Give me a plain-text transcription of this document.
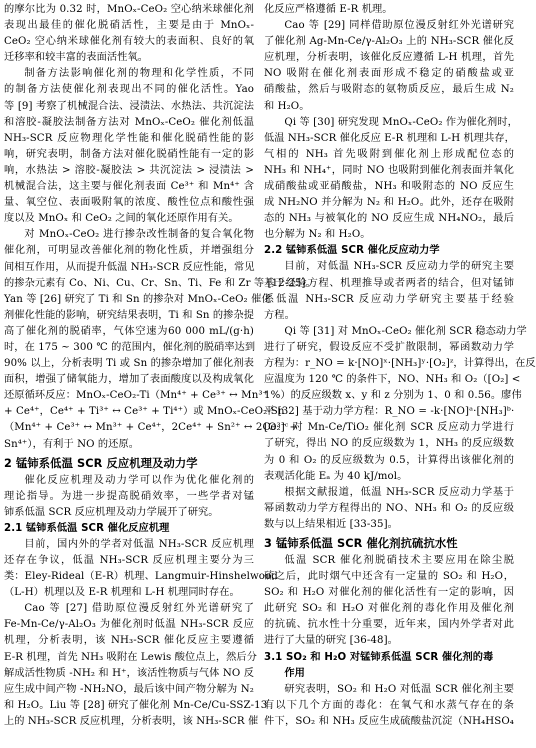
的摩尔比为 0.32 时，MnOₓ-CeO₂ 空心纳米球催化剂

表现出最佳的催化脱硝活性，主要是由于 MnOₓ-

CeO₂ 空心纳米球催化剂有较大的表面积、良好的氧

迁移率和较丰富的表面活性氧。

制备方法影响催化剂的物理和化学性质，不同

的制备方法使催化剂表现出不同的催化活性。Yao

等 [9] 考察了机械混合法、浸渍法、水热法、共沉淀法

和溶胶-凝胶法制备方法对 MnOₓ-CeO₂ 催化剂低温

NH₃-SCR 反应物理化学性能和催化脱硝性能的影

响，研究表明，制备方法对催化脱硝性能有一定的影

响，水热法 > 溶胶-凝胶法 > 共沉淀法 > 浸渍法 >

机械混合法，这主要与催化剂表面 Ce³⁺ 和 Mn⁴⁺ 含

量、氧空位、表面吸附氧的浓度、酸性位点和酸性强

度以及 MnOₓ 和 CeO₂ 之间的氧化还原作用有关。

对 MnOₓ-CeO₂ 进行掺杂改性制备的复合氧化物

催化剂，可明显改善催化剂的物化性质，并增强组分

间相互作用，从而提升低温 NH₃-SCR 反应性能，常见

的掺杂元素有 Co、Ni、Cu、Cr、Sn、Ti、Fe 和 Zr 等 [12-25]。

Yan 等 [26] 研究了 Ti 和 Sn 的掺杂对 MnOₓ-CeO₂ 催化

剂催化性能的影响，研究结果表明，Ti 和 Sn 的掺杂提

高了催化剂的脱硝率，气体空速为60 000 mL/(g·h)

时，在 175 ~ 300 ℃ 的范围内，催化剂的脱硝率达到

90% 以上，分析表明 Ti 或 Sn 的掺杂增加了催化剂表

面积，增强了储氧能力，增加了表面酸度以及构成氧化

还原循环反应：MnOₓ-CeO₂-Ti（Mn⁴⁺ + Ce³⁺ ↔ Mn³⁺

+ Ce⁴⁺，Ce⁴⁺ + Ti³⁺ ↔ Ce³⁺ + Ti⁴⁺）或 MnOₓ-CeO₂-Sn

（Mn⁴⁺ + Ce³⁺ ↔ Mn³⁺ + Ce⁴⁺，2Ce⁴⁺ + Sn²⁺ ↔ 2Ce³⁺ +

Sn⁴⁺），有利于 NO 的还原。

2 锰铈系低温 SCR 反应机理及动力学

催化反应机理及动力学可以作为优化催化剂的

理论指导。为进一步提高脱硝效率，一些学者对锰

铈系低温 SCR 反应机理及动力学展开了研究。

2.1 锰铈系低温 SCR 催化反应机理

目前，国内外的学者对低温 NH₃-SCR 反应机理

还存在争议，低温 NH₃-SCR 反应机理主要分为三

类：Eley-Rideal（E-R）机理、Langmuir-Hinshelwood

（L-H）机理以及 E-R 机理和 L-H 机理同时存在。

Cao 等 [27] 借助原位漫反射红外光谱研究了

Fe-Mn-Ce/γ-Al₂O₃ 为催化剂时低温 NH₃-SCR 反应

机理，分析表明，该 NH₃-SCR 催化反应主要遵循

E-R 机理，首先 NH₃ 吸附在 Lewis 酸位点上，然后分

解成活性物质 -NH₂ 和 H⁺，该活性物质与气体 NO 反

应生成中间产物 -NH₂NO，最后该中间产物分解为 N₂

和 H₂O。Liu 等 [28] 研究了催化剂 Mn-Ce/Cu-SSZ-13

上的 NH₃-SCR 反应机理，分析表明，该 NH₃-SCR 催

化反应严格遵循 E-R 机理。

Cao 等 [29] 同样借助原位漫反射红外光谱研究

了催化剂 Ag-Mn-Ce/γ-Al₂O₃ 上的 NH₃-SCR 催化反

应机理，分析表明，该催化反应遵循 L-H 机理，首先

NO 吸附在催化剂表面形成不稳定的硝酸盐或亚

硝酸盐，然后与吸附态的氨物质反应，最后生成 N₂

和 H₂O。

Qi 等 [30] 研究发现 MnOₓ-CeO₂ 作为催化剂时，

低温 NH₃-SCR 催化反应 E-R 机理和 L-H 机理共存，

气相的 NH₃ 首先吸附到催化剂上形成配位态的

NH₃ 和 NH₄⁺，同时 NO 也吸附到催化剂表面并氧化

成硝酸盐或亚硝酸盐，NH₃ 和吸附态的 NO 反应生

成 NH₂NO 并分解为 N₂ 和 H₂O。此外，还存在吸附

态的 NH₃ 与被氧化的 NO 反应生成 NH₄NO₂，最后

也分解为 N₂ 和 H₂O。

2.2 锰铈系低温 SCR 催化反应动力学

目前，对低温 NH₃-SCR 反应动力学的研究主要

基于经验方程、机理推导或者两者的结合，但对锰铈

系低温 NH₃-SCR 反应动力学研究主要基于经验

方程。

Qi 等 [31] 对 MnOₓ-CeO₂ 催化剂 SCR 稳态动力学

进行了研究，假设反应不受扩散限制，幂函数动力学

方程为：r_NO = k·[NO]ˣ·[NH₃]ʸ·[O₂]ᶻ，计算得出，在反

应温度为 120 ℃ 的条件下，NO、NH₃ 和 O₂（[O₂] <

1%）的反应级数 x、y 和 z 分别为 1、0 和 0.56。廖伟

平 [32] 基于动力学方程：R_NO = -k·[NO]ᵃ·[NH₃]ᵇ·

[O₂]ᶜ 对 Mn-Ce/TiO₂ 催化剂 SCR 反应动力学进行

了研究，得出 NO 的反应级数为 1，NH₃ 的反应级数

为 0 和 O₂ 的反应级数为 0.5，计算得出该催化剂的

表观活化能 Eₐ 为 40 kJ/mol。

根据文献报道，低温 NH₃-SCR 反应动力学基于

幂函数动力学方程得出的 NO、NH₃ 和 O₂ 的反应级

数与以上结果相近 [33-35]。

3 锰铈系低温 SCR 催化剂抗硫抗水性

低温 SCR 催化剂脱硝技术主要应用在除尘脱

硫之后，此时烟气中还含有一定量的 SO₂ 和 H₂O，

SO₂ 和 H₂O 对催化剂的催化活性有一定的影响，因

此研究 SO₂ 和 H₂O 对催化剂的毒化作用及催化剂

的抗硫、抗水性十分重要，近年来，国内外学者对此

进行了大量的研究 [36-48]。

3.1 SO₂ 和 H₂O 对锰铈系低温 SCR 催化剂的毒

作用

研究表明，SO₂ 和 H₂O 对低温 SCR 催化剂主要

有以下几个方面的毒化：在氧气和水蒸气存在的条

件下，SO₂ 和 NH₃ 反应生成硫酸盐沉淀（NH₄HSO₄
